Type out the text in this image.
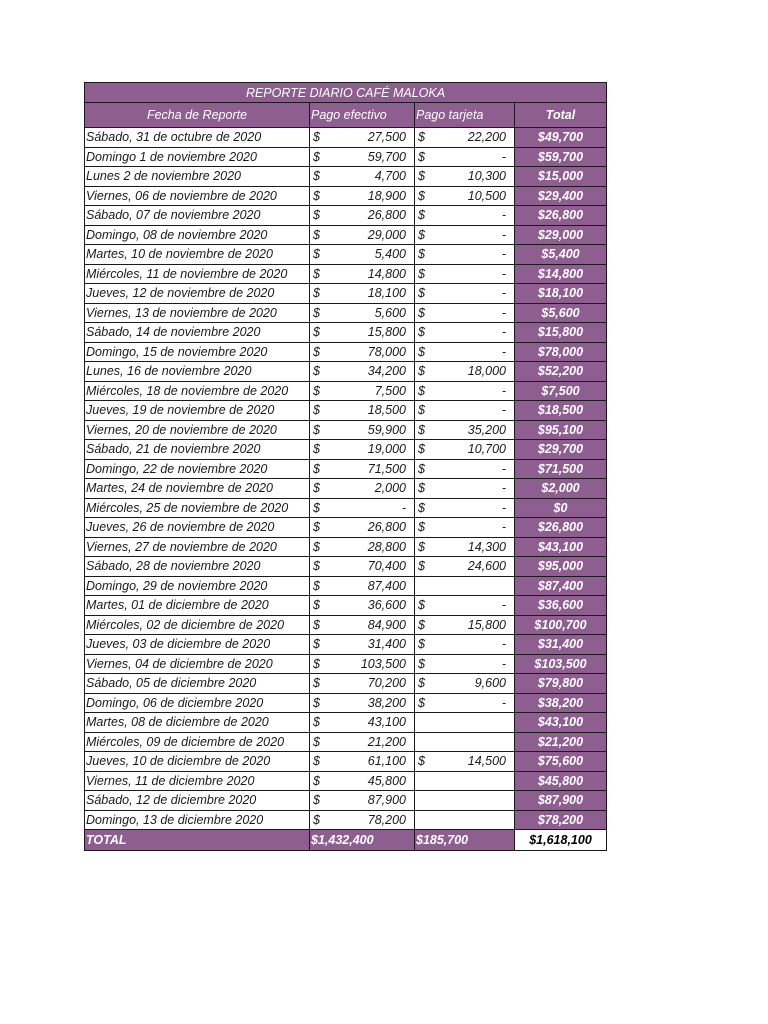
REPORTE DIARIO CAFÉ MALOKA			
Fecha de Reporte	Pago efectivo	Pago tarjeta	Total
Sábado, 31 de octubre de 2020	$ 27,500	$ 22,200	$49,700
Domingo 1 de noviembre 2020	$ 59,700	$ -	$59,700
Lunes 2 de noviembre 2020	$ 4,700	$ 10,300	$15,000
Viernes, 06 de noviembre de 2020	$ 18,900	$ 10,500	$29,400
Sábado, 07 de noviembre 2020	$ 26,800	$ -	$26,800
Domingo, 08 de noviembre 2020	$ 29,000	$ -	$29,000
Martes, 10 de noviembre de 2020	$ 5,400	$ -	$5,400
Miércoles, 11 de noviembre de 2020	$ 14,800	$ -	$14,800
Jueves, 12 de noviembre de 2020	$ 18,100	$ -	$18,100
Viernes, 13 de noviembre de 2020	$ 5,600	$ -	$5,600
Sábado, 14 de noviembre 2020	$ 15,800	$ -	$15,800
Domingo, 15 de noviembre 2020	$ 78,000	$ -	$78,000
Lunes, 16 de noviembre 2020	$ 34,200	$ 18,000	$52,200
Miércoles, 18 de noviembre de 2020	$ 7,500	$ -	$7,500
Jueves, 19 de noviembre de 2020	$ 18,500	$ -	$18,500
Viernes, 20 de noviembre de 2020	$ 59,900	$ 35,200	$95,100
Sábado, 21 de noviembre 2020	$ 19,000	$ 10,700	$29,700
Domingo, 22 de noviembre 2020	$ 71,500	$ -	$71,500
Martes, 24 de noviembre de 2020	$ 2,000	$ -	$2,000
Miércoles, 25 de noviembre de 2020	$ -	$ -	$0
Jueves, 26 de noviembre de 2020	$ 26,800	$ -	$26,800
Viernes, 27 de noviembre de 2020	$ 28,800	$ 14,300	$43,100
Sábado, 28 de noviembre 2020	$ 70,400	$ 24,600	$95,000
Domingo, 29 de noviembre 2020	$ 87,400		$87,400
Martes, 01 de diciembre de 2020	$ 36,600	$ -	$36,600
Miércoles, 02 de diciembre de 2020	$ 84,900	$ 15,800	$100,700
Jueves, 03 de diciembre de 2020	$ 31,400	$ -	$31,400
Viernes, 04 de diciembre de 2020	$ 103,500	$ -	$103,500
Sábado, 05 de diciembre 2020	$ 70,200	$ 9,600	$79,800
Domingo, 06 de diciembre 2020	$ 38,200	$ -	$38,200
Martes, 08 de diciembre de 2020	$ 43,100		$43,100
Miércoles, 09 de diciembre de 2020	$ 21,200		$21,200
Jueves, 10 de diciembre de 2020	$ 61,100	$ 14,500	$75,600
Viernes, 11 de diciembre 2020	$ 45,800		$45,800
Sábado, 12 de diciembre 2020	$ 87,900		$87,900
Domingo, 13 de diciembre 2020	$ 78,200		$78,200
TOTAL	$1,432,400	$185,700	$1,618,100
